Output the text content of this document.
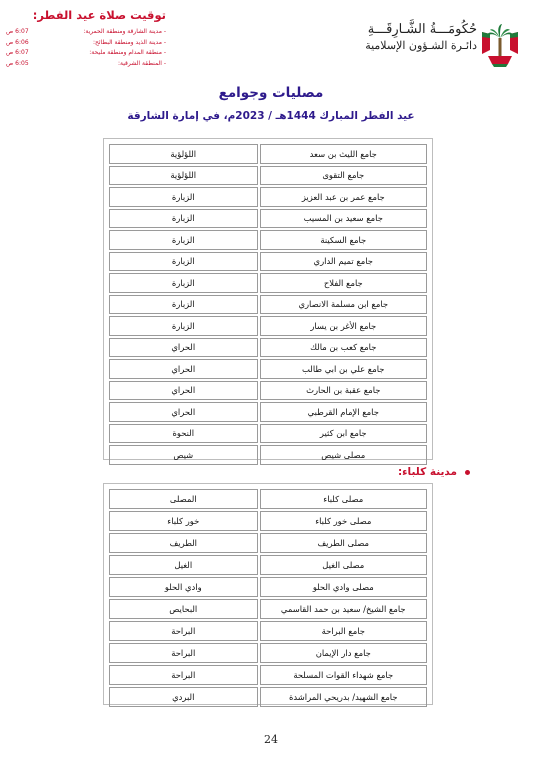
توقيت صلاة عيد الفطر:
- مدينة الشارقة ومنطقة الحمرية:
6:07 ص
- مدينة الذيد ومنطقة البطائح:
6:06 ص
- منطقة المدام ومنطقة مليحة:
6:07 ص
- المنطقة الشرقية:
6:05 ص
حُكُومَـــةُ الشَّـارِقَـــةِ
دائـرة الشـؤون الإسلامية
مصليات وجوامع
عيد الفطر المبارك 1444هـ / 2023م، في إمارة الشارقة
جامع الليث بن سعد	اللؤلؤية
جامع التقوى	اللؤلؤية
جامع عمر بن عبد العزيز	الزبارة
جامع سعيد بن المسيب	الزبارة
جامع السكينة	الزبارة
جامع تميم الداري	الزبارة
جامع الفلاح	الزبارة
جامع ابن مسلمة الانصاري	الزبارة
جامع الأغر بن يسار	الزبارة
جامع كعب بن مالك	الحراي
جامع علي بن ابي طالب	الحراي
جامع عقبة بن الحارث	الحراي
جامع الإمام القرطبي	الحراي
جامع ابن كثير	النحوة
مصلى شيص	شيص
مدينة كلباء:
مصلى كلباء	المصلى
مصلى خور كلباء	خور كلباء
مصلى الطريف	الطريف
مصلى الغيل	الغيل
مصلى وادي الحلو	وادي الحلو
جامع الشيخ/ سعيد بن حمد القاسمي	البحايص
جامع البراحة	البراحة
جامع دار الإيمان	البراحة
جامع شهداء القوات المسلحة	البراحة
جامع الشهيد/ بدريحي المراشدة	البردي
24
